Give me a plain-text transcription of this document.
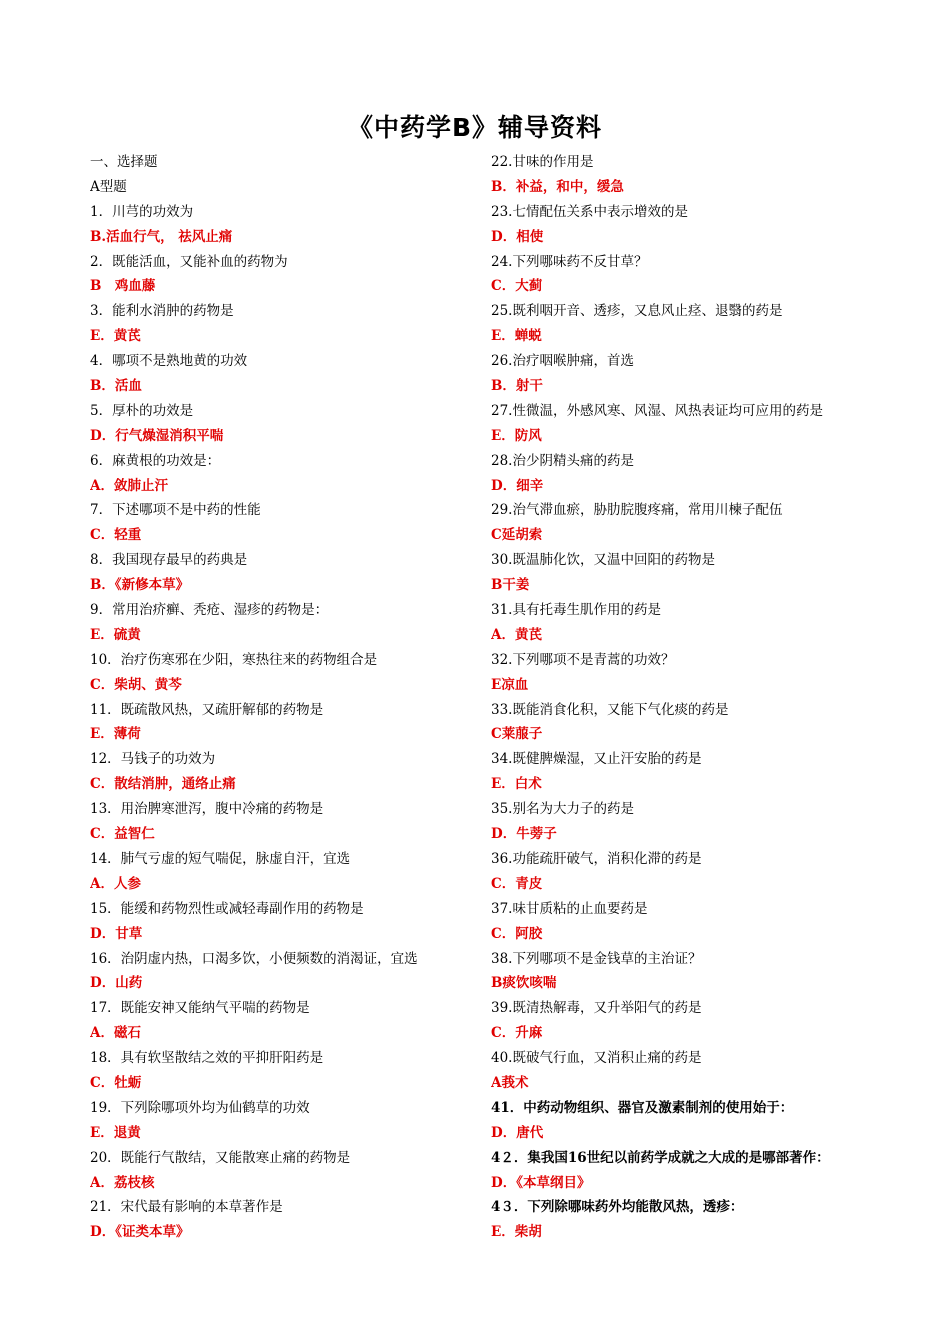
《中药学B》辅导资料
一、选择题
A型题
1．川芎的功效为
B.活血行气， 祛风止痛
2．既能活血，又能补血的药物为
B　鸡血藤
3．能利水消肿的药物是
E．黄芪
4．哪项不是熟地黄的功效
B．活血
5．厚朴的功效是
D．行气燥湿消积平喘
6．麻黄根的功效是：
A．敛肺止汗
7．下述哪项不是中药的性能
C．轻重
8．我国现存最早的药典是
B．《新修本草》
9．常用治疥癣、秃疮、湿疹的药物是：
E．硫黄
10．治疗伤寒邪在少阳，寒热往来的药物组合是
C．柴胡、黄芩
11．既疏散风热，又疏肝解郁的药物是
E．薄荷
12．马钱子的功效为
C．散结消肿，通络止痛
13．用治脾寒泄泻，腹中冷痛的药物是
C．益智仁
14．肺气亏虚的短气喘促，脉虚自汗，宜选
A．人参
15．能缓和药物烈性或减轻毒副作用的药物是
D．甘草
16．治阴虚内热，口渴多饮，小便频数的消渴证，宜选
D．山药
17．既能安神又能纳气平喘的药物是
A．磁石
18．具有软坚散结之效的平抑肝阳药是
C．牡蛎
19．下列除哪项外均为仙鹤草的功效
E．退黄
20．既能行气散结，又能散寒止痛的药物是
A．荔枝核
21．宋代最有影响的本草著作是
D．《证类本草》
22.甘味的作用是
B．补益，和中，缓急
23.七情配伍关系中表示增效的是
D．相使
24.下列哪味药不反甘草？
C．大蓟
25.既利咽开音、透疹，又息风止痉、退翳的药是
E．蝉蜕
26.治疗咽喉肿痛，首选
B．射干
27.性微温，外感风寒、风湿、风热表证均可应用的药是
E．防风
28.治少阴精头痛的药是
D．细辛
29.治气滞血瘀，胁肋脘腹疼痛，常用川楝子配伍
C延胡索
30.既温肺化饮，又温中回阳的药物是
B干姜
31.具有托毒生肌作用的药是
A．黄芪
32.下列哪项不是青蒿的功效？
E凉血
33.既能消食化积，又能下气化痰的药是
C莱菔子
34.既健脾燥湿，又止汗安胎的药是
E．白术
35.别名为大力子的药是
D．牛蒡子
36.功能疏肝破气，消积化滞的药是
C．青皮
37.味甘质粘的止血要药是
C．阿胶
38.下列哪项不是金钱草的主治证？
B痰饮咳喘
39.既清热解毒，又升举阳气的药是
C．升麻
40.既破气行血，又消积止痛的药是
A莪术
41．中药动物组织、器官及激素制剂的使用始于：
D．唐代
4２．集我国16世纪以前药学成就之大成的是哪部著作：
D．《本草纲目》
4３．下列除哪味药外均能散风热，透疹：
E．柴胡
